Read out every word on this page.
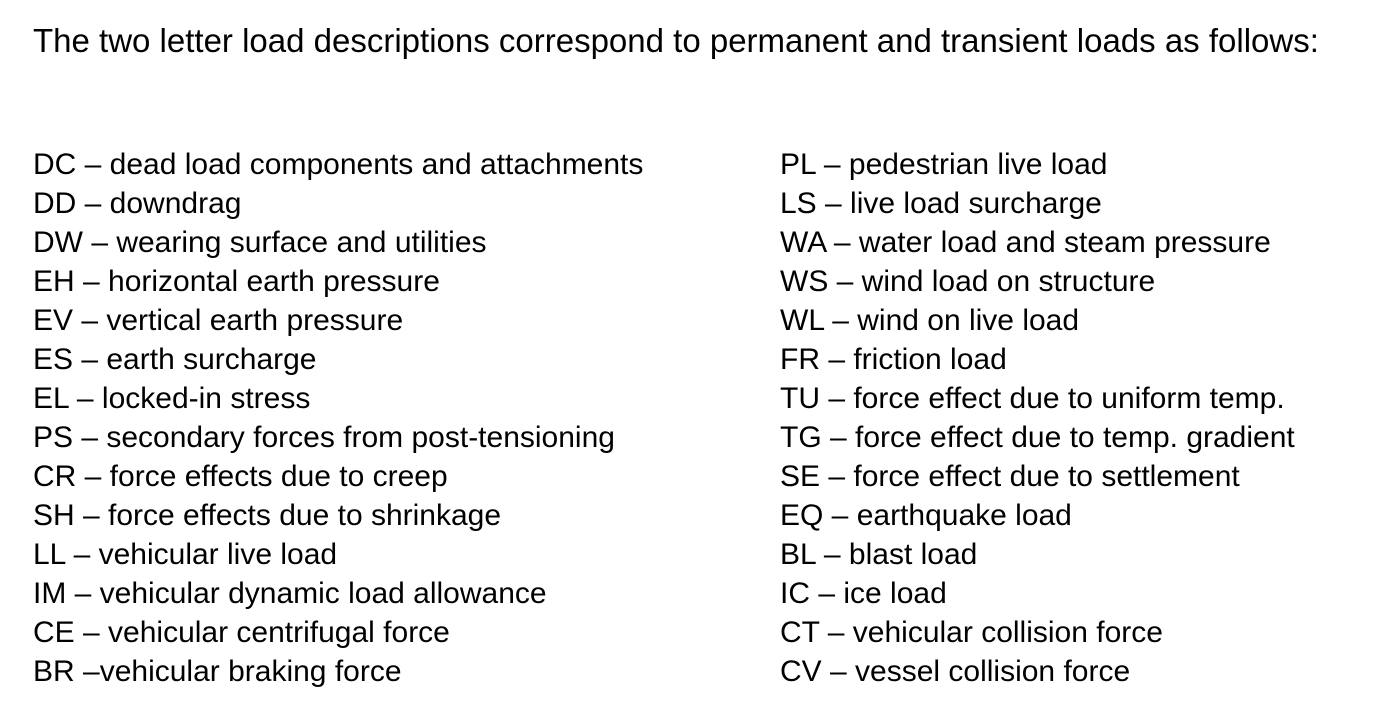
The two letter load descriptions correspond to permanent and transient loads as follows:

DC – dead load components and attachments
DD – downdrag
DW – wearing surface and utilities
EH – horizontal earth pressure
EV – vertical earth pressure
ES – earth surcharge
EL – locked-in stress
PS – secondary forces from post-tensioning
CR – force effects due to creep
SH – force effects due to shrinkage
LL – vehicular live load
IM – vehicular dynamic load allowance
CE – vehicular centrifugal force
BR –vehicular braking force
PL – pedestrian live load
LS – live load surcharge
WA – water load and steam pressure
WS – wind load on structure
WL – wind on live load
FR – friction load
TU – force effect due to uniform temp.
TG – force effect due to temp. gradient
SE – force effect due to settlement
EQ – earthquake load
BL – blast load
IC – ice load
CT – vehicular collision force
CV – vessel collision force
